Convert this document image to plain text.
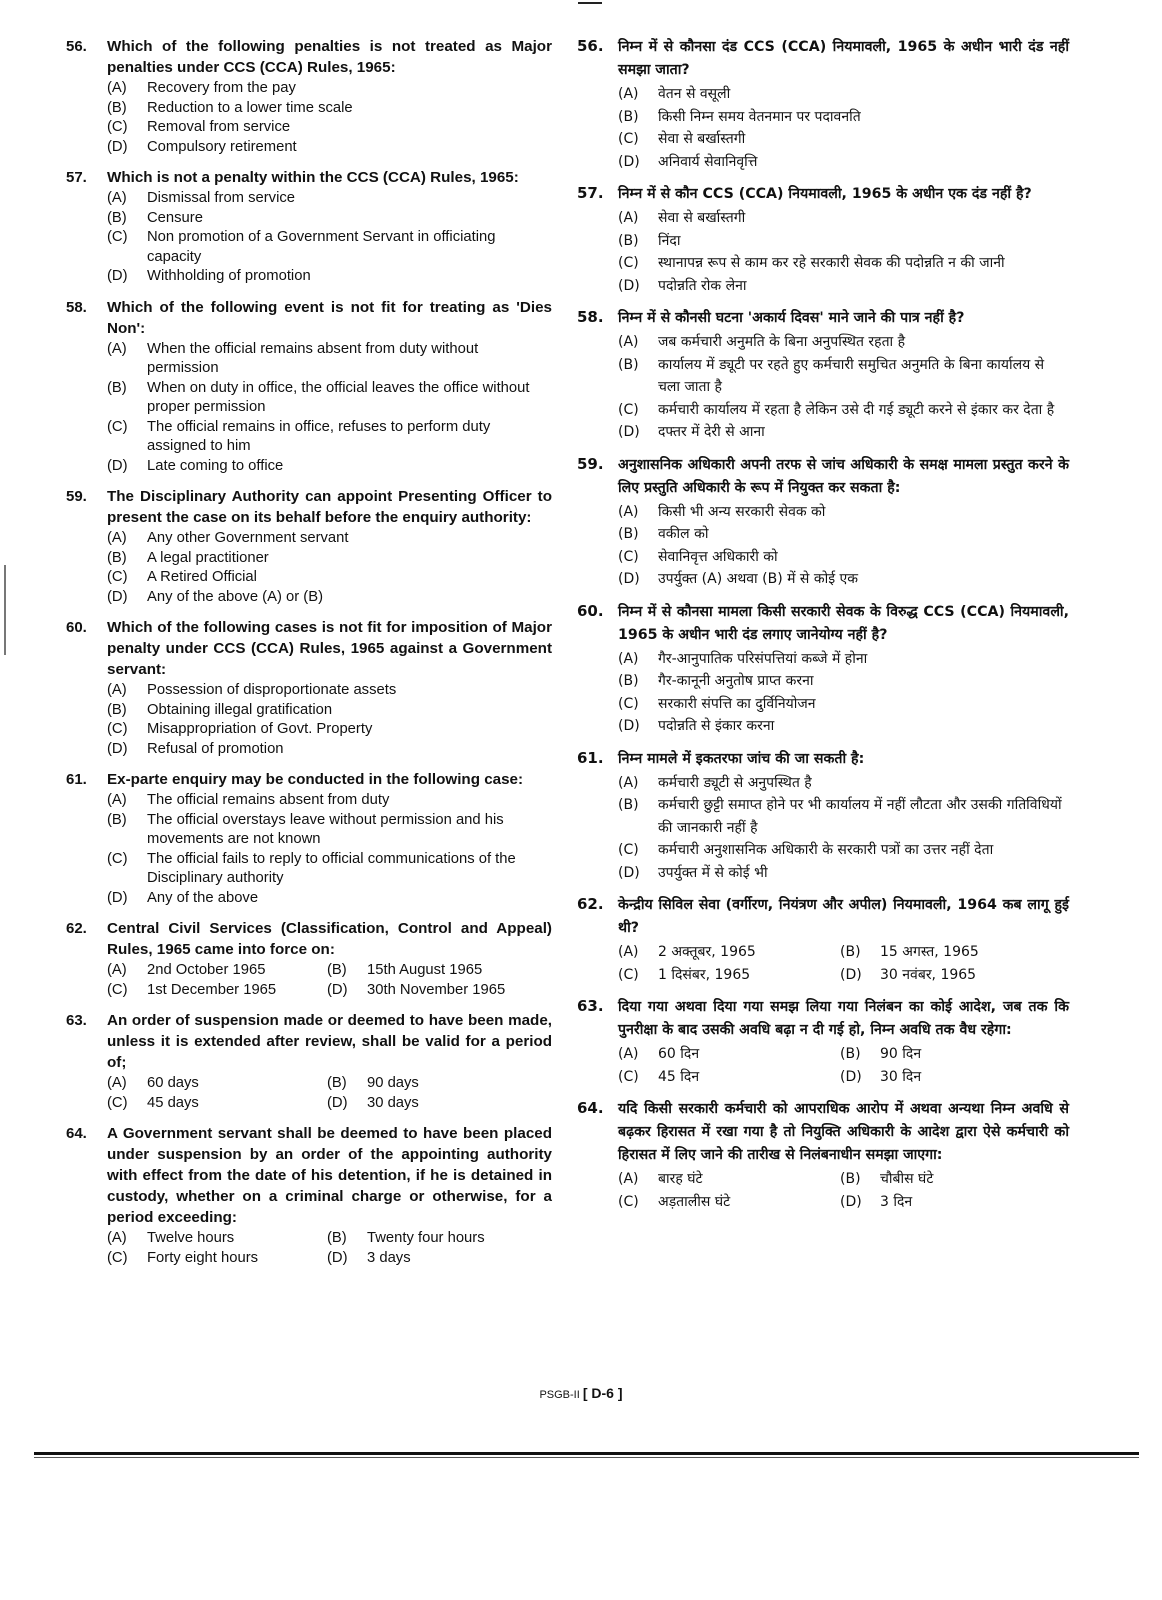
56.	Which of the following penalties is not treated as Major penalties under CCS (CCA) Rules, 1965:
(A)	Recovery from the pay
(B)	Reduction to a lower time scale
(C)	Removal from service
(D)	Compulsory retirement
57.	Which is not a penalty within the CCS (CCA) Rules, 1965:
(A)	Dismissal from service
(B)	Censure
(C)	Non promotion of a Government Servant in officiating capacity
(D)	Withholding of promotion
58.	Which of the following event is not fit for treating as 'Dies Non':
(A)	When the official remains absent from duty without permission
(B)	When on duty in office, the official leaves the office without proper permission
(C)	The official remains in office, refuses to perform duty assigned to him
(D)	Late coming to office
59.	The Disciplinary Authority can appoint Presenting Officer to present the case on its behalf before the enquiry authority:
(A)	Any other Government servant
(B)	A legal practitioner
(C)	A Retired Official
(D)	Any of the above (A) or (B)
60.	Which of the following cases is not fit for imposition of Major penalty under CCS (CCA) Rules, 1965 against a Government servant:
(A)	Possession of disproportionate assets
(B)	Obtaining illegal gratification
(C)	Misappropriation of Govt. Property
(D)	Refusal of promotion
61.	Ex-parte enquiry may be conducted in the following case:
(A)	The official remains absent from duty
(B)	The official overstays leave without permission and his movements are not known
(C)	The official fails to reply to official communications of the Disciplinary authority
(D)	Any of the above
62.	Central Civil Services (Classification, Control and Appeal) Rules, 1965 came into force on:
(A)	2nd October 1965	(B)	15th August 1965
(C)	1st December 1965	(D)	30th November 1965
63.	An order of suspension made or deemed to have been made, unless it is extended after review, shall be valid for a period of;
(A)	60 days	(B)	90 days
(C)	45 days	(D)	30 days
64.	A Government servant shall be deemed to have been placed under suspension by an order of the appointing authority with effect from the date of his detention, if he is detained in custody, whether on a criminal charge or otherwise, for a period exceeding:
(A)	Twelve hours	(B)	Twenty four hours
(C)	Forty eight hours	(D)	3 days
56.	निम्न में से कौनसा दंड CCS (CCA) नियमावली, 1965 के अधीन भारी दंड नहीं समझा जाता?
(A)	वेतन से वसूली
(B)	किसी निम्न समय वेतनमान पर पदावनति
(C)	सेवा से बर्खास्तगी
(D)	अनिवार्य सेवानिवृत्ति
57.	निम्न में से कौन CCS (CCA) नियमावली, 1965 के अधीन एक दंड नहीं है?
(A)	सेवा से बर्खास्तगी
(B)	निंदा
(C)	स्थानापन्न रूप से काम कर रहे सरकारी सेवक की पदोन्नति न की जानी
(D)	पदोन्नति रोक लेना
58.	निम्न में से कौनसी घटना 'अकार्य दिवस' माने जाने की पात्र नहीं है?
(A)	जब कर्मचारी अनुमति के बिना अनुपस्थित रहता है
(B)	कार्यालय में ड्यूटी पर रहते हुए कर्मचारी समुचित अनुमति के बिना कार्यालय से चला जाता है
(C)	कर्मचारी कार्यालय में रहता है लेकिन उसे दी गई ड्यूटी करने से इंकार कर देता है
(D)	दफ्तर में देरी से आना
59.	अनुशासनिक अधिकारी अपनी तरफ से जांच अधिकारी के समक्ष मामला प्रस्तुत करने के लिए प्रस्तुति अधिकारी के रूप में नियुक्त कर सकता है:
(A)	किसी भी अन्य सरकारी सेवक को
(B)	वकील को
(C)	सेवानिवृत्त अधिकारी को
(D)	उपर्युक्त (A) अथवा (B) में से कोई एक
60.	निम्न में से कौनसा मामला किसी सरकारी सेवक के विरुद्ध CCS (CCA) नियमावली, 1965 के अधीन भारी दंड लगाए जानेयोग्य नहीं है?
(A)	गैर-आनुपातिक परिसंपत्तियां कब्जे में होना
(B)	गैर-कानूनी अनुतोष प्राप्त करना
(C)	सरकारी संपत्ति का दुर्विनियोजन
(D)	पदोन्नति से इंकार करना
61.	निम्न मामले में इकतरफा जांच की जा सकती है:
(A)	कर्मचारी ड्यूटी से अनुपस्थित है
(B)	कर्मचारी छुट्टी समाप्त होने पर भी कार्यालय में नहीं लौटता और उसकी गतिविधियों की जानकारी नहीं है
(C)	कर्मचारी अनुशासनिक अधिकारी के सरकारी पत्रों का उत्तर नहीं देता
(D)	उपर्युक्त में से कोई भी
62.	केन्द्रीय सिविल सेवा (वर्गीरण, नियंत्रण और अपील) नियमावली, 1964 कब लागू हुई थी?
(A)	2 अक्तूबर, 1965	(B)	15 अगस्त, 1965
(C)	1 दिसंबर, 1965	(D)	30 नवंबर, 1965
63.	दिया गया अथवा दिया गया समझ लिया गया निलंबन का कोई आदेश, जब तक कि पुनरीक्षा के बाद उसकी अवधि बढ़ा न दी गई हो, निम्न अवधि तक वैध रहेगा:
(A)	60 दिन	(B)	90 दिन
(C)	45 दिन	(D)	30 दिन
64.	यदि किसी सरकारी कर्मचारी को आपराधिक आरोप में अथवा अन्यथा निम्न अवधि से बढ़कर हिरासत में रखा गया है तो नियुक्ति अधिकारी के आदेश द्वारा ऐसे कर्मचारी को हिरासत में लिए जाने की तारीख से निलंबनाधीन समझा जाएगा:
(A)	बारह घंटे	(B)	चौबीस घंटे
(C)	अड़तालीस घंटे	(D)	3 दिन
PSGB-II [ D-6 ]
